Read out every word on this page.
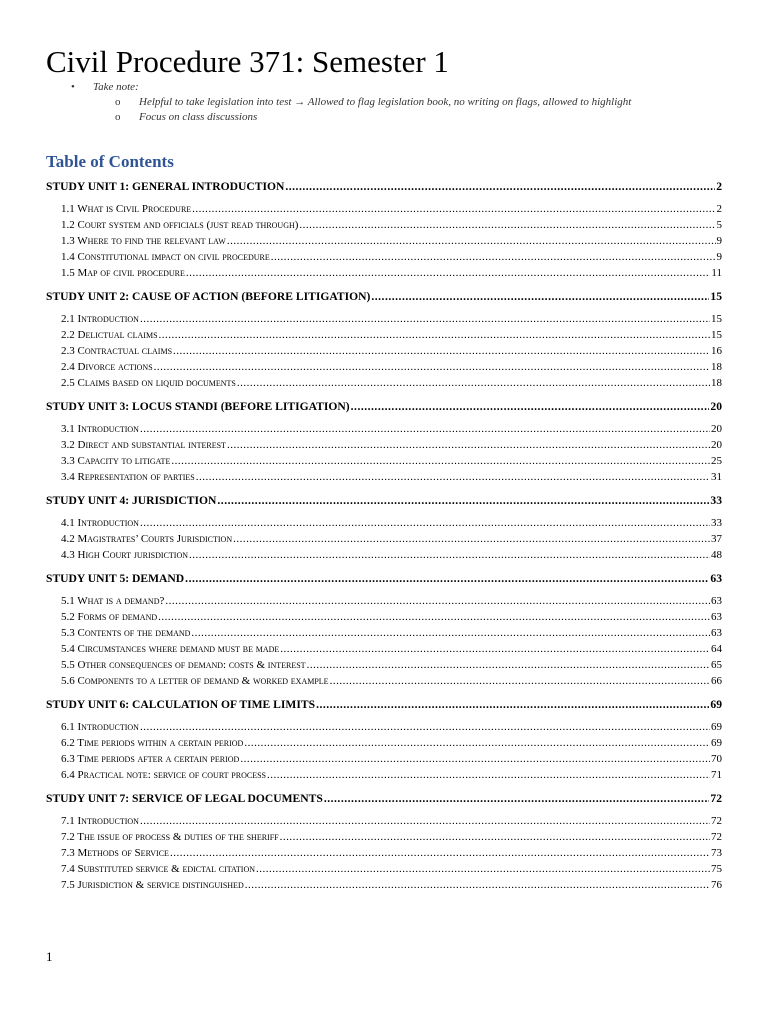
Civil Procedure 371: Semester 1
• Take note:
o Helpful to take legislation into test → Allowed to flag legislation book, no writing on flags, allowed to highlight
o Focus on class discussions
Table of Contents
STUDY UNIT 1: GENERAL INTRODUCTION .....	2
1.1 What is Civil Procedure .....	2
1.2 Court system and officials (just read through) .....	5
1.3 Where to find the relevant law .....	9
1.4 Constitutional impact on civil procedure .....	9
1.5 Map of civil procedure .....	11
STUDY UNIT 2: CAUSE OF ACTION (BEFORE LITIGATION) .....	15
2.1 Introduction .....	15
2.2 Delictual claims .....	15
2.3 Contractual claims .....	16
2.4 Divorce actions .....	18
2.5 Claims based on liquid documents .....	18
STUDY UNIT 3: LOCUS STANDI (BEFORE LITIGATION) .....	20
3.1 Introduction .....	20
3.2 Direct and substantial interest .....	20
3.3 Capacity to litigate .....	25
3.4 Representation of parties .....	31
STUDY UNIT 4: JURISDICTION .....	33
4.1 Introduction .....	33
4.2 Magistrates’ Courts Jurisdiction .....	37
4.3 High Court jurisdiction .....	48
STUDY UNIT 5: DEMAND .....	63
5.1 What is a demand? .....	63
5.2 Forms of demand .....	63
5.3 Contents of the demand .....	63
5.4 Circumstances where demand must be made .....	64
5.5 Other consequences of demand: costs & interest .....	65
5.6 Components to a letter of demand & worked example .....	66
STUDY UNIT 6: CALCULATION OF TIME LIMITS .....	69
6.1 Introduction .....	69
6.2 Time periods within a certain period .....	69
6.3 Time periods after a certain period .....	70
6.4 Practical note: service of court process .....	71
STUDY UNIT 7: SERVICE OF LEGAL DOCUMENTS .....	72
7.1 Introduction .....	72
7.2 The issue of process & duties of the sheriff .....	72
7.3 Methods of Service .....	73
7.4 Substituted service & edictal citation .....	75
7.5 Jurisdiction & service distinguished .....	76
1
